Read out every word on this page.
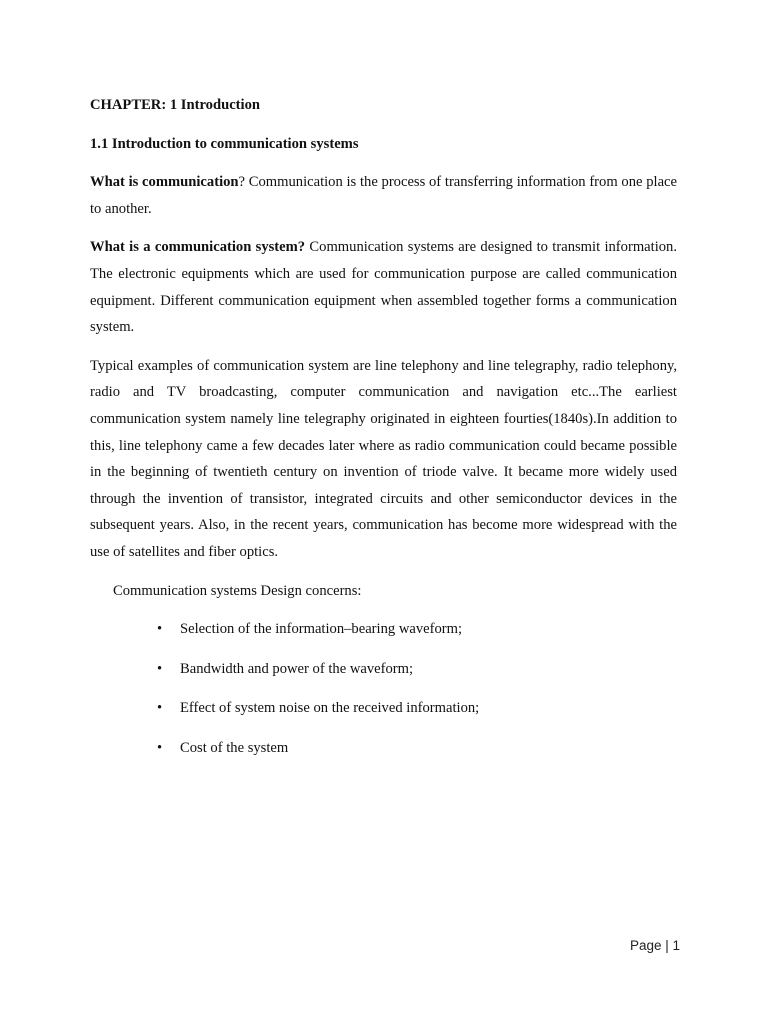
CHAPTER: 1 Introduction

1.1 Introduction to communication systems

What is communication? Communication is the process of transferring information from one place to another.

What is a communication system? Communication systems are designed to transmit information. The electronic equipments which are used for communication purpose are called communication equipment. Different communication equipment when assembled together forms a communication system.

Typical examples of communication system are line telephony and line telegraphy, radio telephony, radio and TV broadcasting, computer communication and navigation etc...The earliest communication system namely line telegraphy originated in eighteen fourties(1840s).In addition to this, line telephony came a few decades later where as radio communication could became possible in the beginning of twentieth century on invention of triode valve. It became more widely used through the invention of transistor, integrated circuits and other semiconductor devices in the subsequent years. Also, in the recent years, communication has become more widespread with the use of satellites and fiber optics.

Communication systems Design concerns:

• Selection of the information–bearing waveform;
• Bandwidth and power of the waveform;
• Effect of system noise on the received information;
• Cost of the system
Page | 1
